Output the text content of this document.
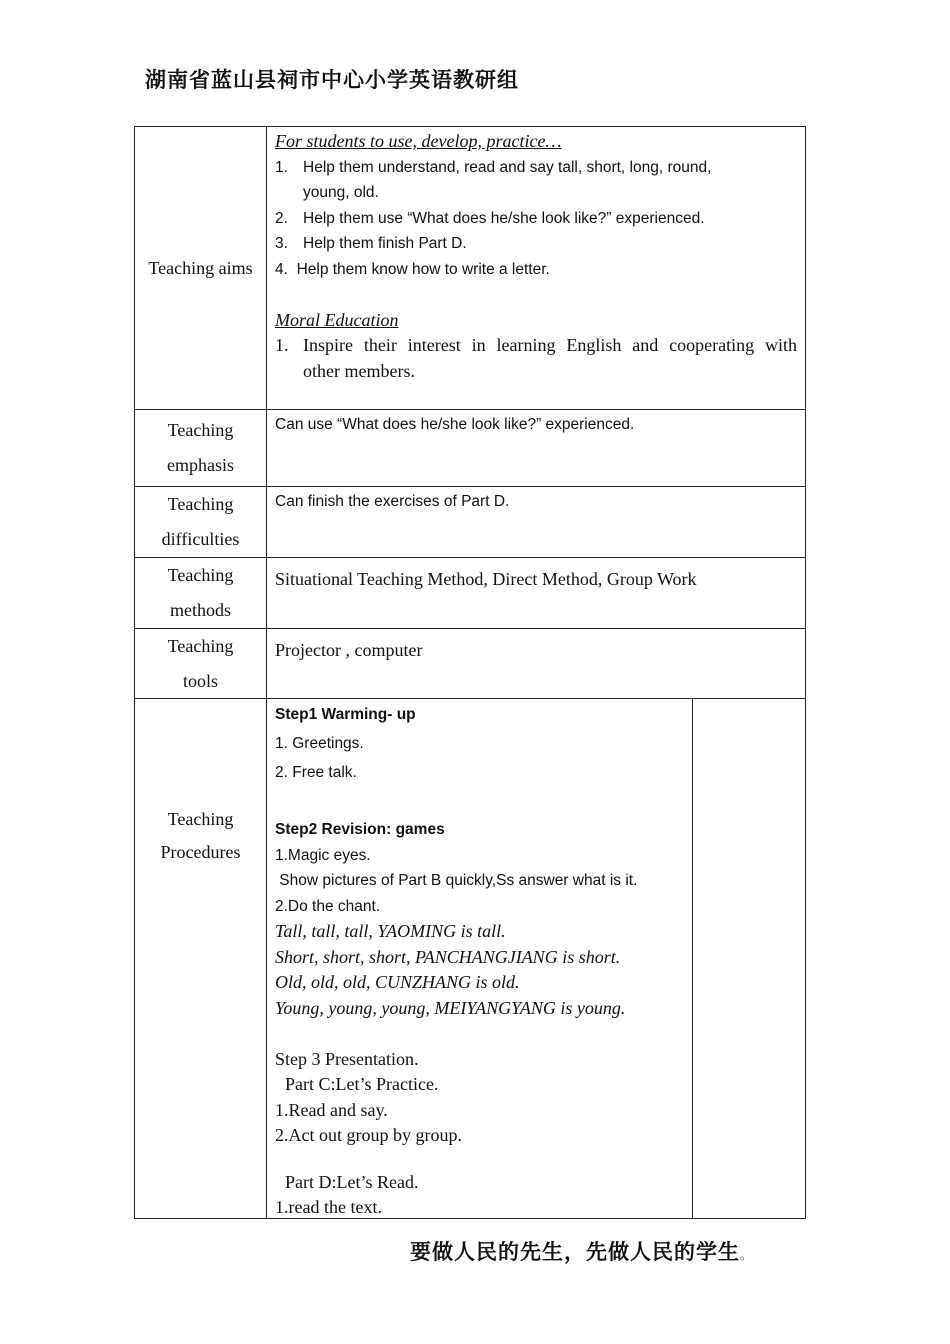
湖南省蓝山县祠市中心小学英语教研组
Teaching aims
For students to use, develop, practice…
1. Help them understand, read and say tall, short, long, round,
young, old.
2. Help them use “What does he/she look like?” experienced.
3. Help them finish Part D.
4. Help them know how to write a letter.
Moral Education
1. Inspire their interest in learning English and cooperating with
other members.
Teaching
emphasis
Can use “What does he/she look like?” experienced.
Teaching
difficulties
Can finish the exercises of Part D.
Teaching
methods
Situational Teaching Method, Direct Method, Group Work
Teaching
tools
Projector , computer
Teaching
Procedures
Step1 Warming- up
1. Greetings.
2. Free talk.
Step2 Revision: games
1.Magic eyes.
Show pictures of Part B quickly,Ss answer what is it.
2.Do the chant.
Tall, tall, tall, YAOMING is tall.
Short, short, short, PANCHANGJIANG is short.
Old, old, old, CUNZHANG is old.
Young, young, young, MEIYANGYANG is young.
Step 3 Presentation.
Part C:Let’s Practice.
1.Read and say.
2.Act out group by group.
Part D:Let’s Read.
1.read the text.
要做人民的先生，先做人民的学生。
